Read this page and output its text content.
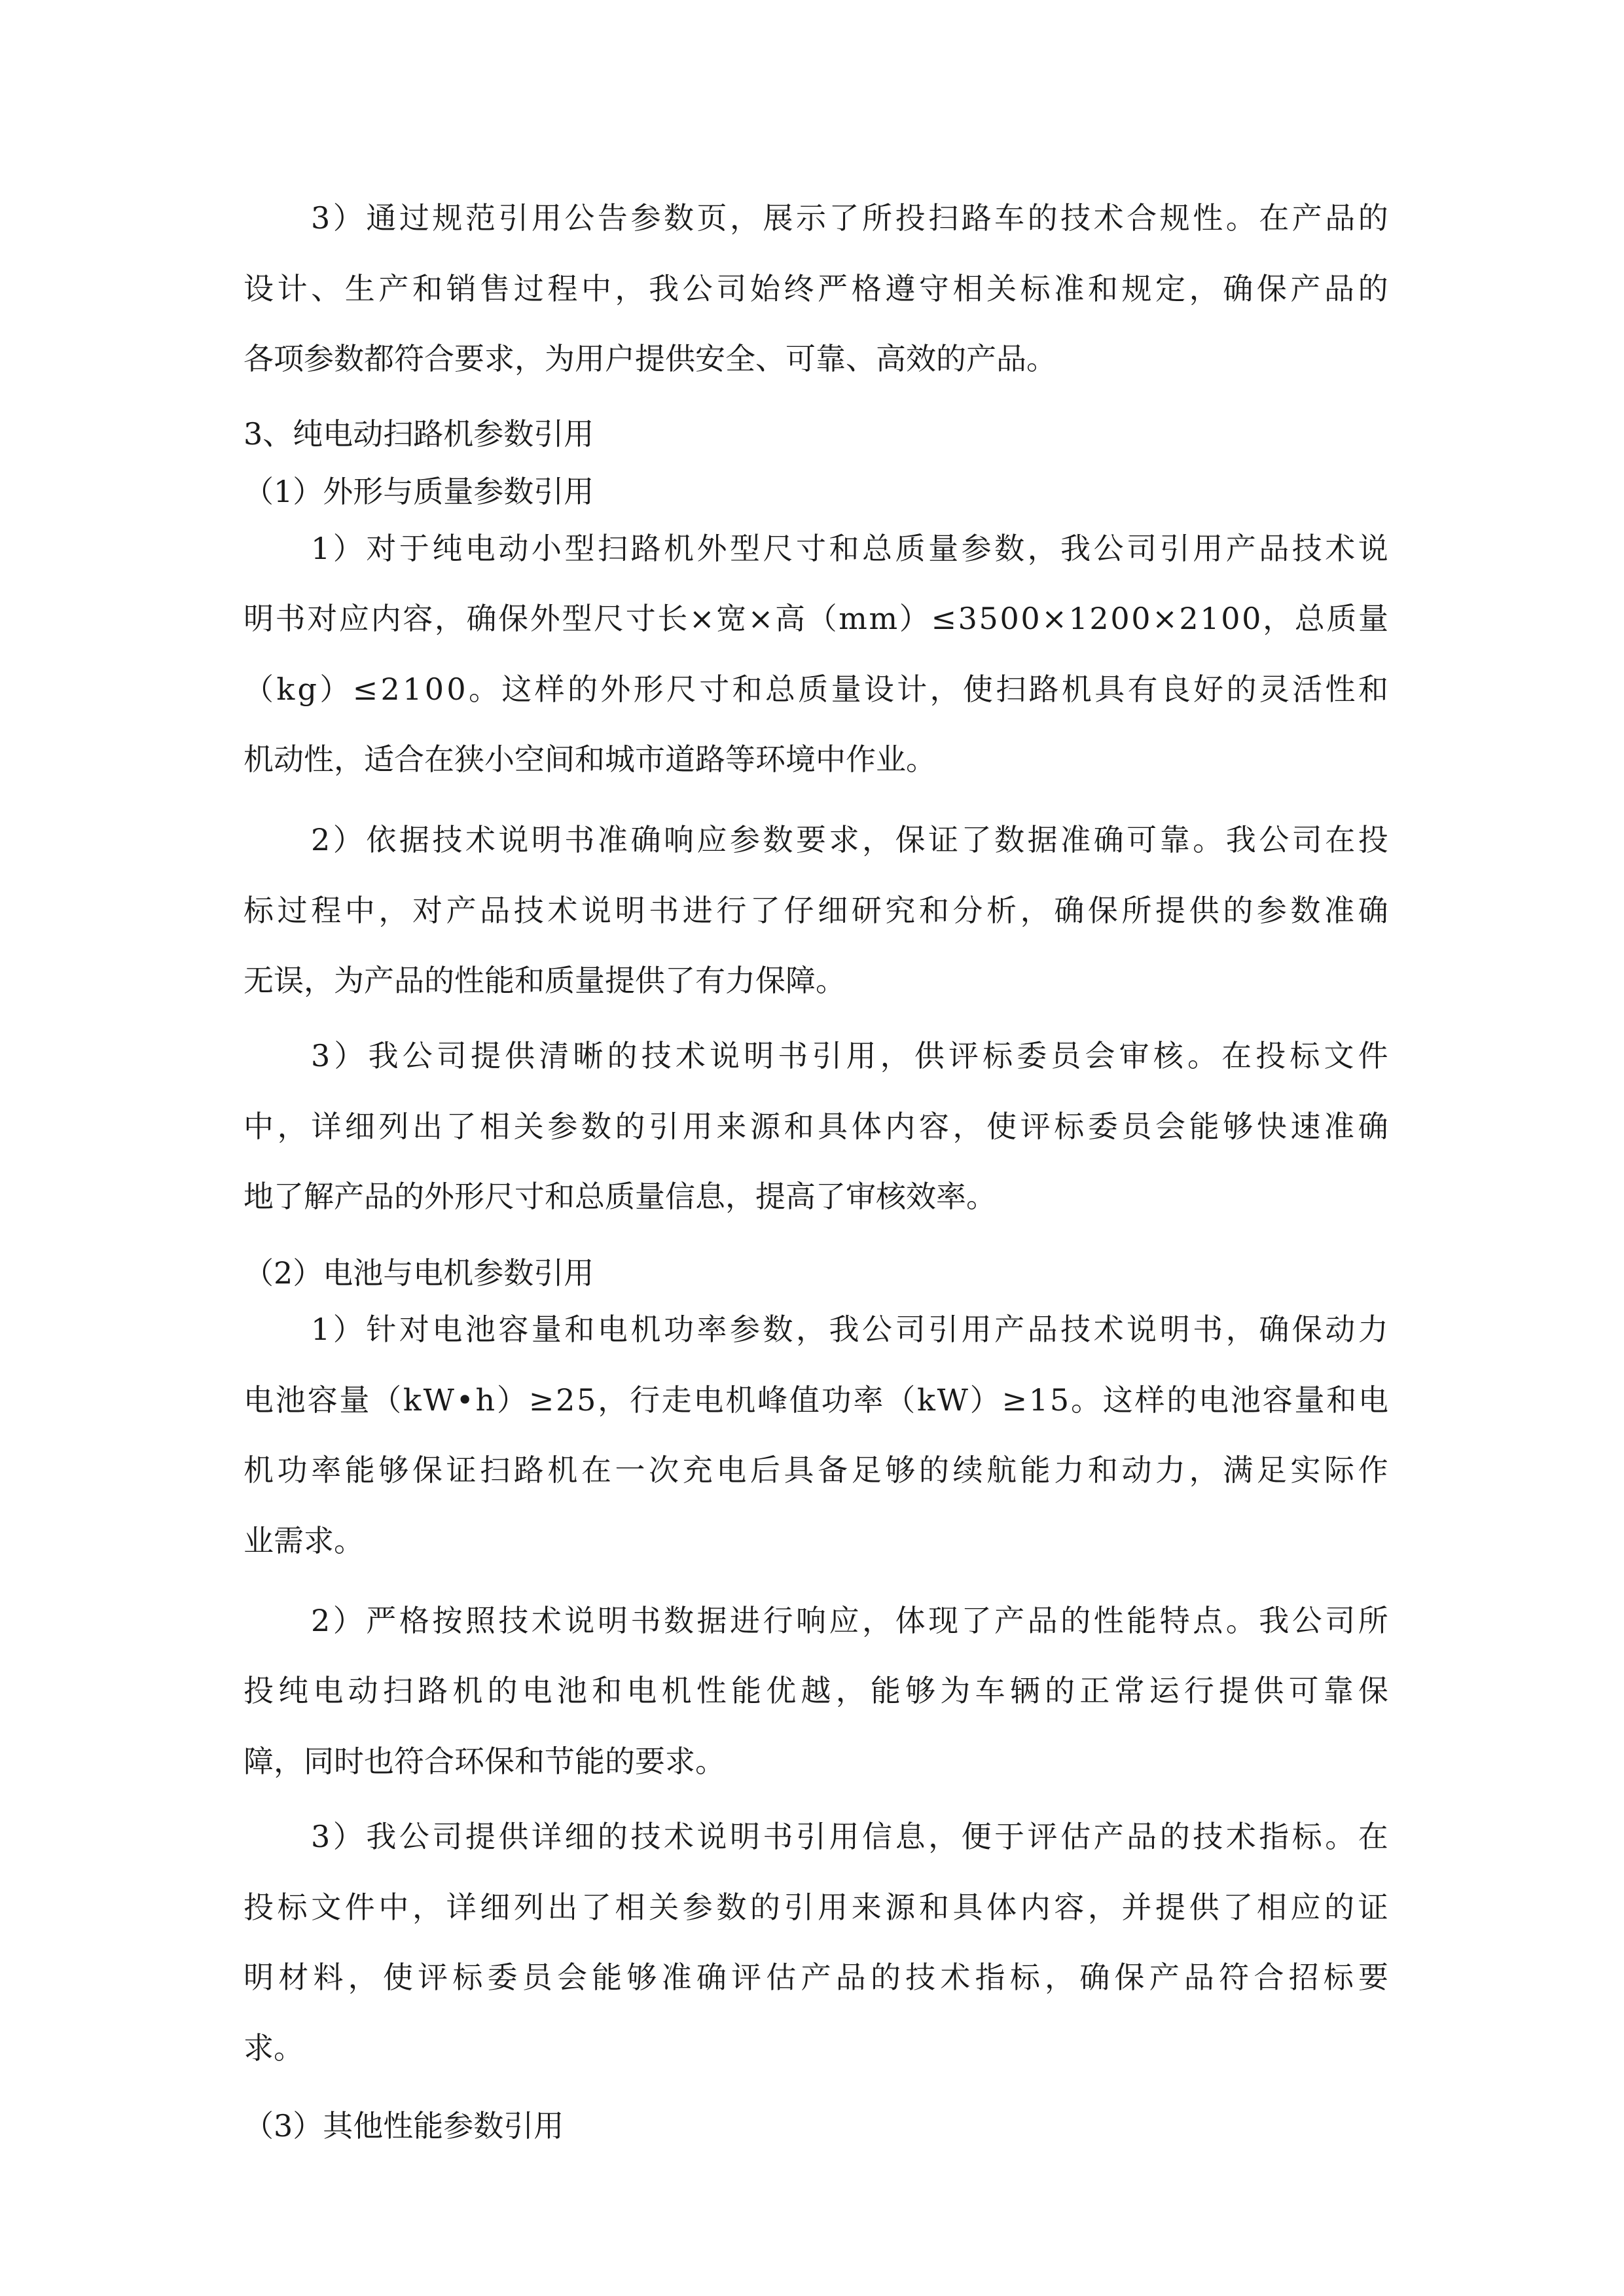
3 ） 通 过 规 范 引 用 公 告 参 数 页 ， 展 示 了 所 投 扫 路 车 的 技 术 合 规 性 。 在 产 品 的
设 计 、 生 产 和 销 售 过 程 中 ， 我 公 司 始 终 严 格 遵 守 相 关 标 准 和 规 定 ， 确 保 产 品 的
各项参数都符合要求，为用户提供安全、可靠、高效的产品。
3、纯电动扫路机参数引用
（1）外形与质量参数引用
1 ） 对 于 纯 电 动 小 型 扫 路 机 外 型 尺 寸 和 总 质 量 参 数 ， 我 公 司 引 用 产 品 技 术 说
明 书 对 应 内 容 ， 确 保 外 型 尺 寸 长 × 宽 × 高 （ m m ） ≤ 3 5 0 0 × 1 2 0 0 × 2 1 0 0 ， 总 质 量
（ k g ） ≤ 2 1 0 0 。 这 样 的 外 形 尺 寸 和 总 质 量 设 计 ， 使 扫 路 机 具 有 良 好 的 灵 活 性 和
机动性，适合在狭小空间和城市道路等环境中作业。
2 ） 依 据 技 术 说 明 书 准 确 响 应 参 数 要 求 ， 保 证 了 数 据 准 确 可 靠 。 我 公 司 在 投
标 过 程 中 ， 对 产 品 技 术 说 明 书 进 行 了 仔 细 研 究 和 分 析 ， 确 保 所 提 供 的 参 数 准 确
无误，为产品的性能和质量提供了有力保障。
3 ） 我 公 司 提 供 清 晰 的 技 术 说 明 书 引 用 ， 供 评 标 委 员 会 审 核 。 在 投 标 文 件
中 ， 详 细 列 出 了 相 关 参 数 的 引 用 来 源 和 具 体 内 容 ， 使 评 标 委 员 会 能 够 快 速 准 确
地了解产品的外形尺寸和总质量信息，提高了审核效率。
（2）电池与电机参数引用
1 ） 针 对 电 池 容 量 和 电 机 功 率 参 数 ， 我 公 司 引 用 产 品 技 术 说 明 书 ， 确 保 动 力
电 池 容 量 （ k W • h ） ≥ 2 5 ， 行 走 电 机 峰 值 功 率 （ k W ） ≥ 1 5 。 这 样 的 电 池 容 量 和 电
机 功 率 能 够 保 证 扫 路 机 在 一 次 充 电 后 具 备 足 够 的 续 航 能 力 和 动 力 ， 满 足 实 际 作
业需求。
2 ） 严 格 按 照 技 术 说 明 书 数 据 进 行 响 应 ， 体 现 了 产 品 的 性 能 特 点 。 我 公 司 所
投 纯 电 动 扫 路 机 的 电 池 和 电 机 性 能 优 越 ， 能 够 为 车 辆 的 正 常 运 行 提 供 可 靠 保
障，同时也符合环保和节能的要求。
3 ） 我 公 司 提 供 详 细 的 技 术 说 明 书 引 用 信 息 ， 便 于 评 估 产 品 的 技 术 指 标 。 在
投 标 文 件 中 ， 详 细 列 出 了 相 关 参 数 的 引 用 来 源 和 具 体 内 容 ， 并 提 供 了 相 应 的 证
明 材 料 ， 使 评 标 委 员 会 能 够 准 确 评 估 产 品 的 技 术 指 标 ， 确 保 产 品 符 合 招 标 要
求。
（3）其他性能参数引用
